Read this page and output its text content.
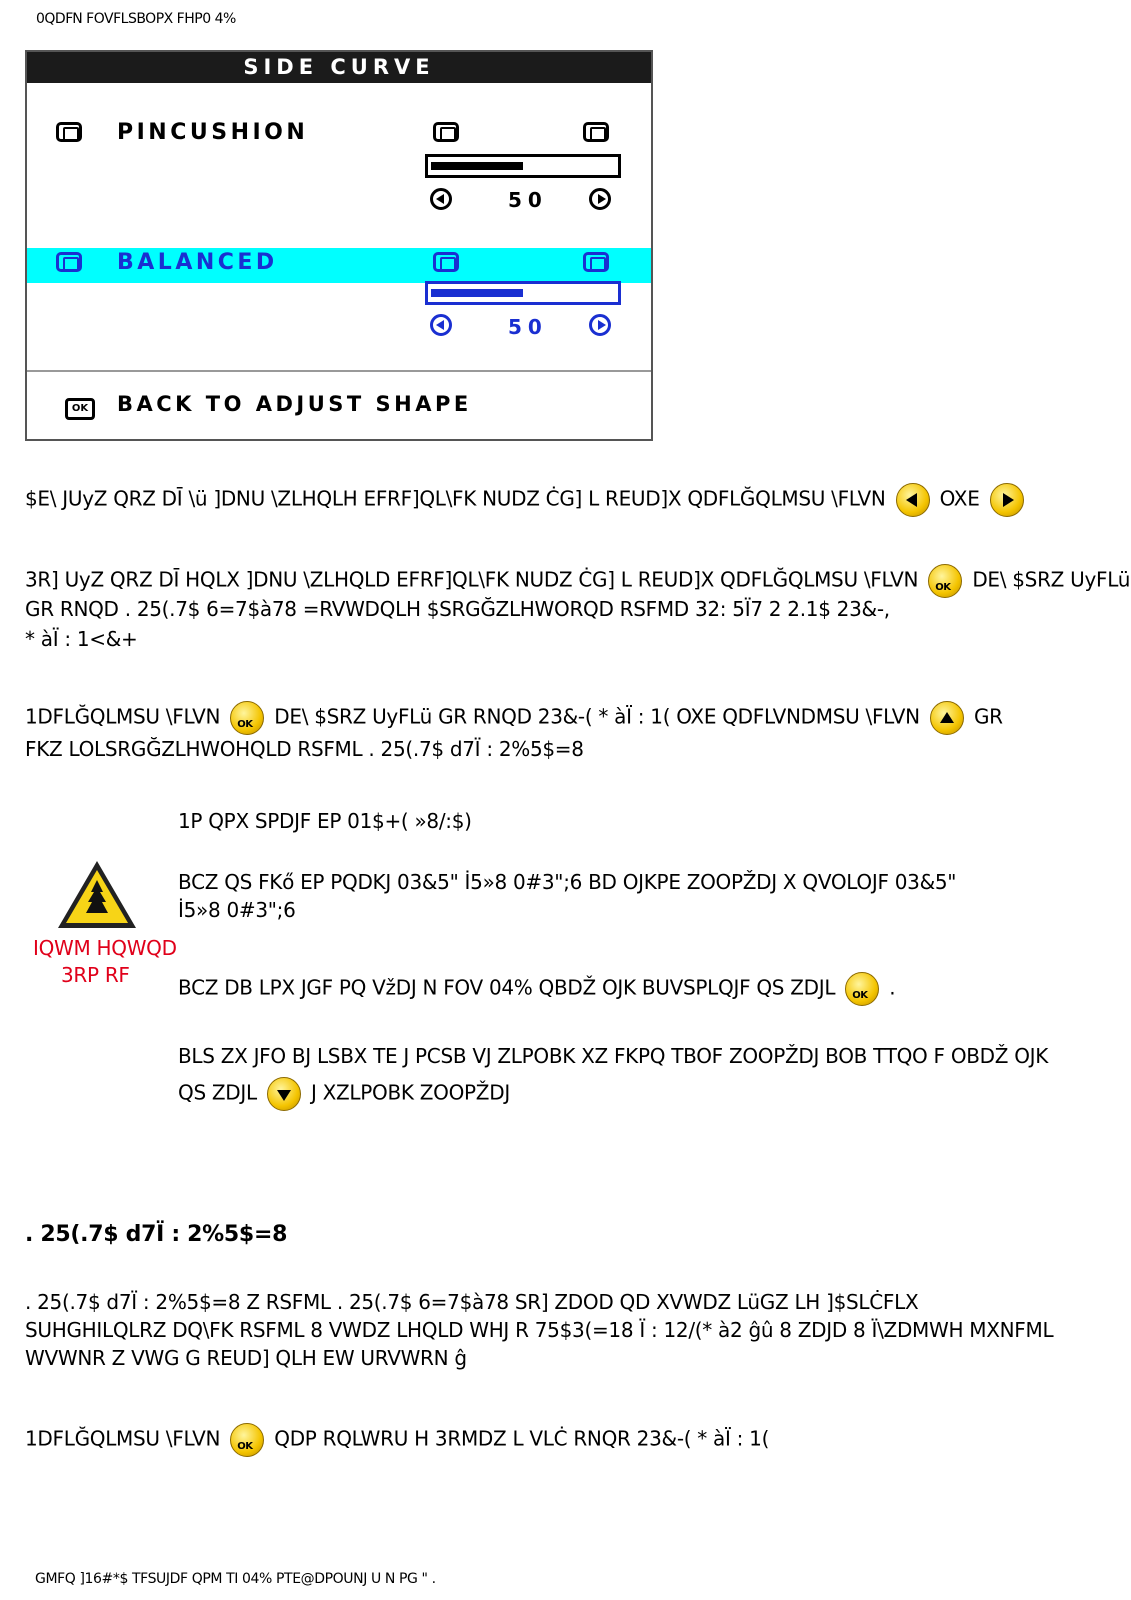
0QDFN FOVFLSBOPX FHP0 4%
SIDE CURVE
PINCUSHION
50
BALANCED
50
OK	BACK TO ADJUST SHAPE
$E\ JUyZ QRZ DĪ \ü ]DNU \ZLHQLH EFRF]QL\FK NUDZ ĊG] L REUD]X QDFLĞQLMSU \FLVN	OXE
3R] UyZ QRZ DĪ HQLX ]DNU \ZLHQLD EFRF]QL\FK NUDZ ĊG] L REUD]X QDFLĞQLMSU \FLVN OK DE\ $SRZ UyFLü
GR RNQD . 25(.7$ 6=7$à78 =RVWDQLH $SRGĞZLHWORQD RSFMD 32: 5Ï7 2 2.1$ 23&-,
* àÏ : 1<&+
1DFLĞQLMSU \FLVN OK DE\ $SRZ UyFLü GR RNQD 23&-( * àÏ : 1( OXE QDFLVNDMSU \FLVN	GR
FKZ LOLSRGĞZLHWOHQLD RSFML . 25(.7$ d7Ï : 2%5$=8
1P QPX SPDJF EP 01$+( »8/:$)
IQWM HQWQD
3RP RF
BCZ QS FKő EP PQDKJ 03&5" İ5»8 0#3";6 BD OJKPE ZOOPŽDJ X QVOLOJF 03&5"
İ5»8 0#3";6
BCZ DB LPX JGF PQ VžDJ N FOV 04% QBDŽ OJK BUVSPLQJF QS ZDJL OK .
BLS ZX JFO BJ LSBX TE J PCSB VJ ZLPOBK XZ FKPQ TBOF ZOOPŽDJ BOB TTQO F OBDŽ OJK
QS ZDJL	J XZLPOBK ZOOPŽDJ
. 25(.7$ d7Ï : 2%5$=8
. 25(.7$ d7Ï : 2%5$=8 Z RSFML . 25(.7$ 6=7$à78 SR] ZDOD QD XVWDZ LüGZ LH ]$SLĊFLX
SUHGHILQLRZ DQ\FK RSFML 8 VWDZ LHQLD WHJ R 75$3(=18 Ï : 12/(* à2 ĝû 8 ZDJD 8 Ï\ZDMWH MXNFML
WVWNR Z VWG G REUD] QLH EW URVWRN ĝ
1DFLĞQLMSU \FLVN OK QDP RQLWRU H 3RMDZ L VLĊ RNQR 23&-( * àÏ : 1(
GMFQ ]16#*$ TFSUJDF QPM TI 04% PTE@DPOUNJ U N PG " .
